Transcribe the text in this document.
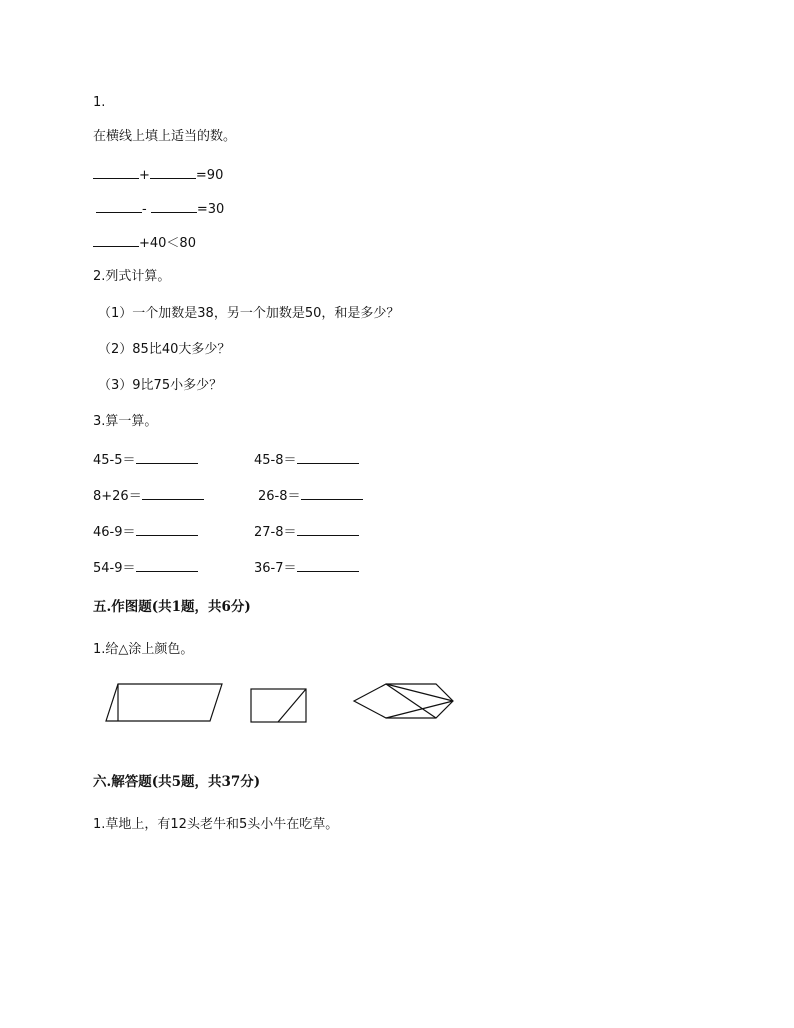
1.
在横线上填上适当的数。
+	=90
-	=30
+40＜80
2.列式计算。
（1）一个加数是38，另一个加数是50，和是多少？
（2）85比40大多少？
（3）9比75小多少？
3.算一算。
45-5＝	45-8＝
8+26＝	26-8＝
46-9＝	27-8＝
54-9＝	36-7＝
五.作图题(共1题，共6分)
1.给△涂上颜色。
六.解答题(共5题，共37分)
1.草地上，有12头老牛和5头小牛在吃草。
